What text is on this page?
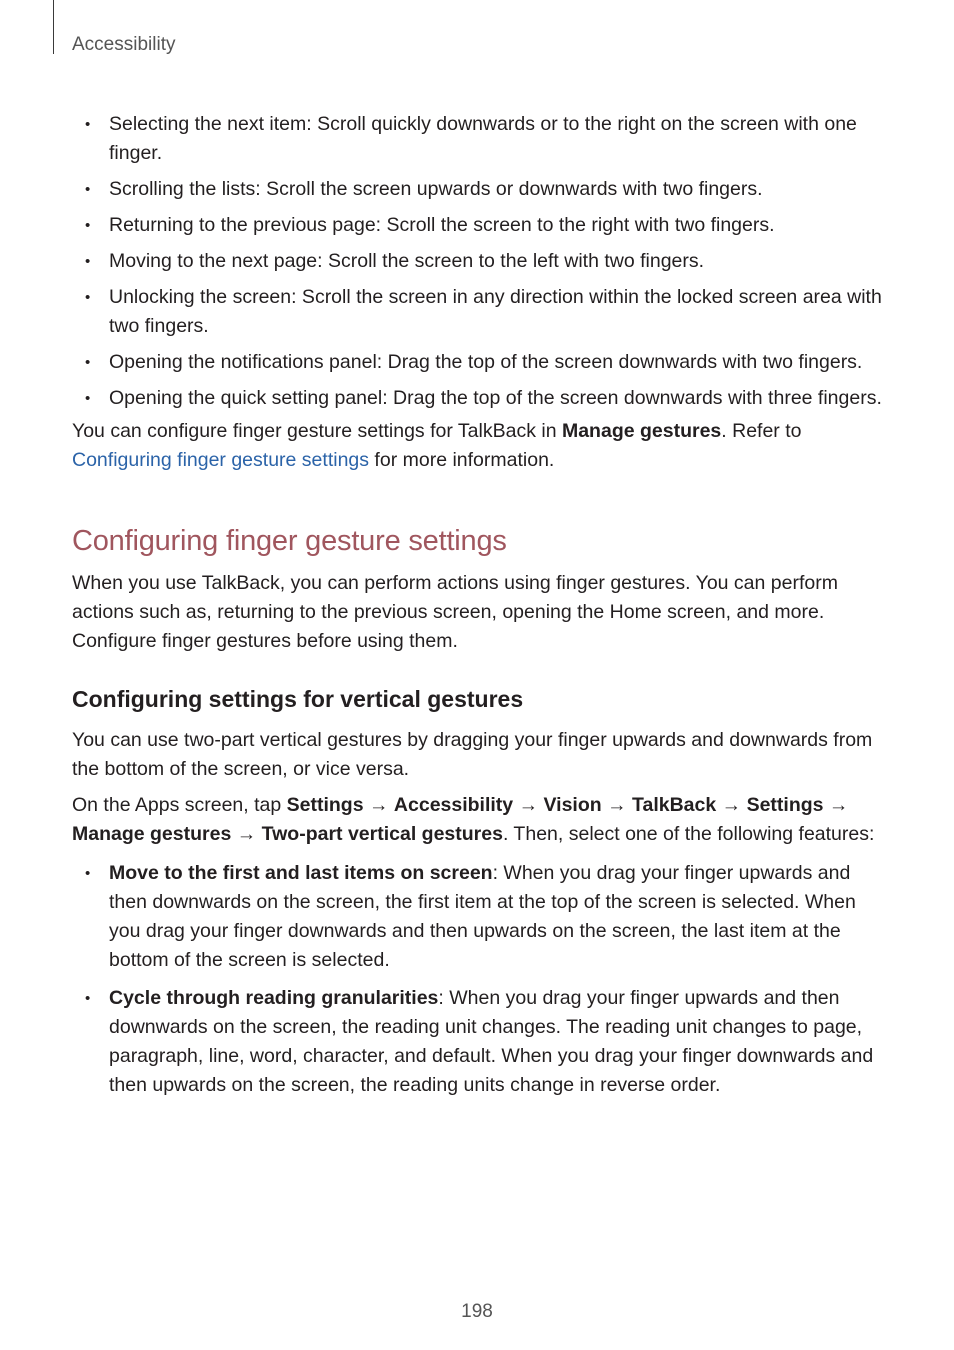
Accessibility
• Selecting the next item: Scroll quickly downwards or to the right on the screen with one finger.
• Scrolling the lists: Scroll the screen upwards or downwards with two fingers.
• Returning to the previous page: Scroll the screen to the right with two fingers.
• Moving to the next page: Scroll the screen to the left with two fingers.
• Unlocking the screen: Scroll the screen in any direction within the locked screen area with two fingers.
• Opening the notifications panel: Drag the top of the screen downwards with two fingers.
• Opening the quick setting panel: Drag the top of the screen downwards with three fingers.

You can configure finger gesture settings for TalkBack in Manage gestures. Refer to Configuring finger gesture settings for more information.

Configuring finger gesture settings

When you use TalkBack, you can perform actions using finger gestures. You can perform actions such as, returning to the previous screen, opening the Home screen, and more. Configure finger gestures before using them.

Configuring settings for vertical gestures

You can use two-part vertical gestures by dragging your finger upwards and downwards from the bottom of the screen, or vice versa.

On the Apps screen, tap Settings → Accessibility → Vision → TalkBack → Settings → Manage gestures → Two-part vertical gestures. Then, select one of the following features:

• Move to the first and last items on screen: When you drag your finger upwards and then downwards on the screen, the first item at the top of the screen is selected. When you drag your finger downwards and then upwards on the screen, the last item at the bottom of the screen is selected.
• Cycle through reading granularities: When you drag your finger upwards and then downwards on the screen, the reading unit changes. The reading unit changes to page, paragraph, line, word, character, and default. When you drag your finger downwards and then upwards on the screen, the reading units change in reverse order.
198
